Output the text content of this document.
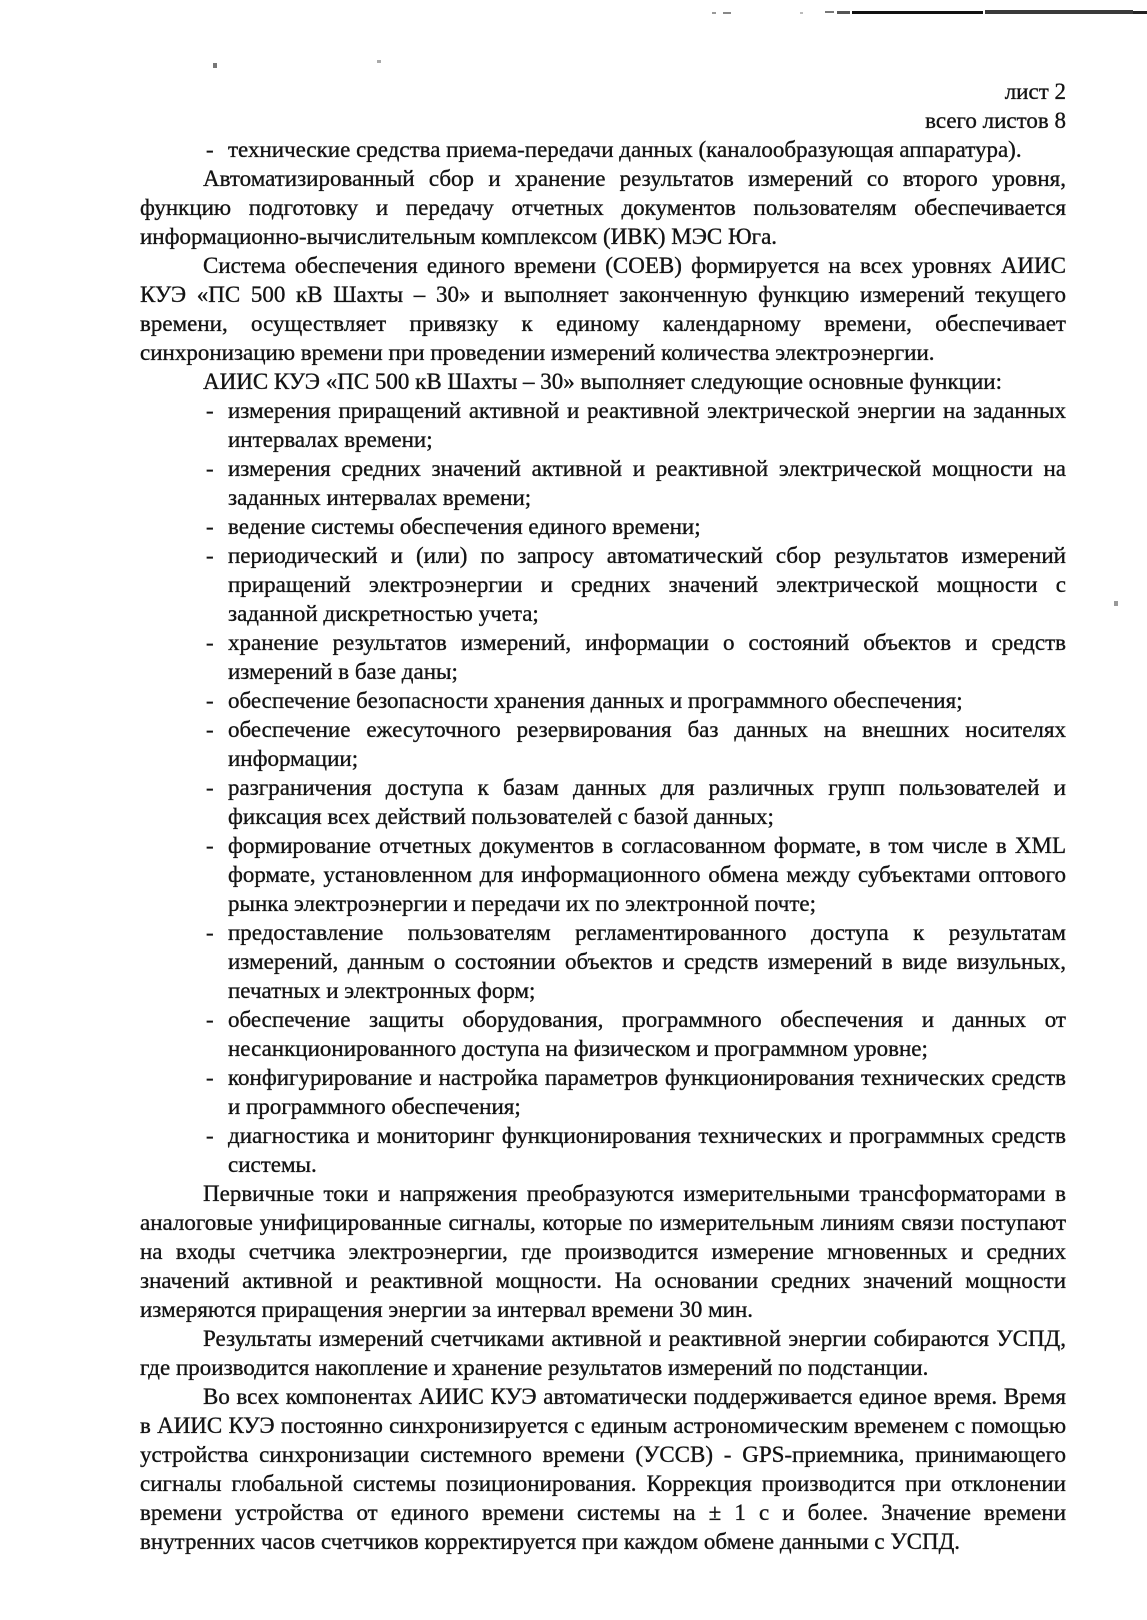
лист 2
всего листов 8
- технические средства приема-передачи данных (каналообразующая аппаратура).

Автоматизированный сбор и хранение результатов измерений со второго уровня, функцию подготовку и передачу отчетных документов пользователям обеспечивается информационно-вычислительным комплексом (ИВК) МЭС Юга.

Система обеспечения единого времени (СОЕВ) формируется на всех уровнях АИИС КУЭ «ПС 500 кВ Шахты – 30» и выполняет законченную функцию измерений текущего времени, осуществляет привязку к единому календарному времени, обеспечивает синхронизацию времени при проведении измерений количества электроэнергии.

АИИС КУЭ «ПС 500 кВ Шахты – 30» выполняет следующие основные функции:

- измерения приращений активной и реактивной электрической энергии на заданных интервалах времени;
- измерения средних значений активной и реактивной электрической мощности на заданных интервалах времени;
- ведение системы обеспечения единого времени;
- периодический и (или) по запросу автоматический сбор результатов измерений приращений электроэнергии и средних значений электрической мощности с заданной дискретностью учета;
- хранение результатов измерений, информации о состояний объектов и средств измерений в базе даны;
- обеспечение безопасности хранения данных и программного обеспечения;
- обеспечение ежесуточного резервирования баз данных на внешних носителях информации;
- разграничения доступа к базам данных для различных групп пользователей и фиксация всех действий пользователей с базой данных;
- формирование отчетных документов в согласованном формате, в том числе в XML формате, установленном для информационного обмена между субъектами оптового рынка электроэнергии и передачи их по электронной почте;
- предоставление пользователям регламентированного доступа к результатам измерений, данным о состоянии объектов и средств измерений в виде визульных, печатных и электронных форм;
- обеспечение защиты оборудования, программного обеспечения и данных от несанкционированного доступа на физическом и программном уровне;
- конфигурирование и настройка параметров функционирования технических средств и программного обеспечения;
- диагностика и мониторинг функционирования технических и программных средств системы.

Первичные токи и напряжения преобразуются измерительными трансформаторами в аналоговые унифицированные сигналы, которые по измерительным линиям связи поступают на входы счетчика электроэнергии, где производится измерение мгновенных и средних значений активной и реактивной мощности. На основании средних значений мощности измеряются приращения энергии за интервал времени 30 мин.

Результаты измерений счетчиками активной и реактивной энергии собираются УСПД, где производится накопление и хранение результатов измерений по подстанции.

Во всех компонентах АИИС КУЭ автоматически поддерживается единое время. Время в АИИС КУЭ постоянно синхронизируется с единым астрономическим временем с помощью устройства синхронизации системного времени (УССВ) - GPS-приемника, принимающего сигналы глобальной системы позиционирования. Коррекция производится при отклонении времени устройства от единого времени системы на ± 1 с и более. Значение времени внутренних часов счетчиков корректируется при каждом обмене данными с УСПД.
